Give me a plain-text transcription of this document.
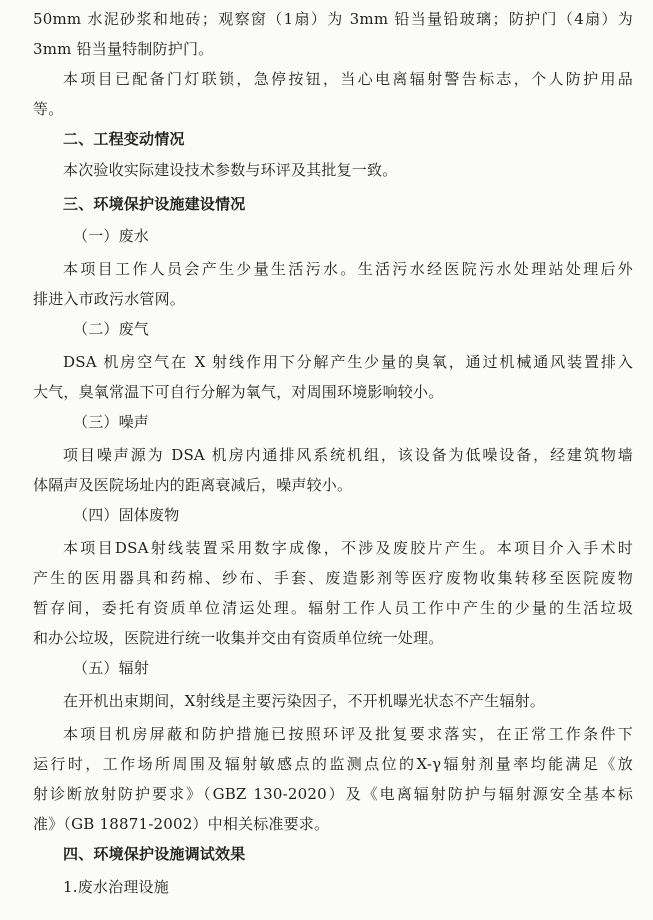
50mm 水泥砂浆和地砖；观察窗（1扇）为 3mm 铅当量铅玻璃；防护门（4扇）为
3mm 铅当量特制防护门。
本项目已配备门灯联锁，急停按钮，当心电离辐射警告标志，个人防护用品
等。
二、工程变动情况
本次验收实际建设技术参数与环评及其批复一致。
三、环境保护设施建设情况
（一）废水
本项目工作人员会产生少量生活污水。生活污水经医院污水处理站处理后外
排进入市政污水管网。
（二）废气
DSA 机房空气在 X 射线作用下分解产生少量的臭氧，通过机械通风装置排入
大气，臭氧常温下可自行分解为氧气，对周围环境影响较小。
（三）噪声
项目噪声源为 DSA 机房内通排风系统机组，该设备为低噪设备，经建筑物墙
体隔声及医院场址内的距离衰减后，噪声较小。
（四）固体废物
本项目DSA射线装置采用数字成像，不涉及废胶片产生。本项目介入手术时
产生的医用器具和药棉、纱布、手套、废造影剂等医疗废物收集转移至医院废物
暂存间，委托有资质单位清运处理。辐射工作人员工作中产生的少量的生活垃圾
和办公垃圾，医院进行统一收集并交由有资质单位统一处理。
（五）辐射
在开机出束期间，X射线是主要污染因子，不开机曝光状态不产生辐射。
本项目机房屏蔽和防护措施已按照环评及批复要求落实，在正常工作条件下
运行时，工作场所周围及辐射敏感点的监测点位的X-γ辐射剂量率均能满足《放
射诊断放射防护要求》（GBZ 130-2020）及《电离辐射防护与辐射源安全基本标
准》（GB 18871-2002）中相关标准要求。
四、环境保护设施调试效果
1.废水治理设施
